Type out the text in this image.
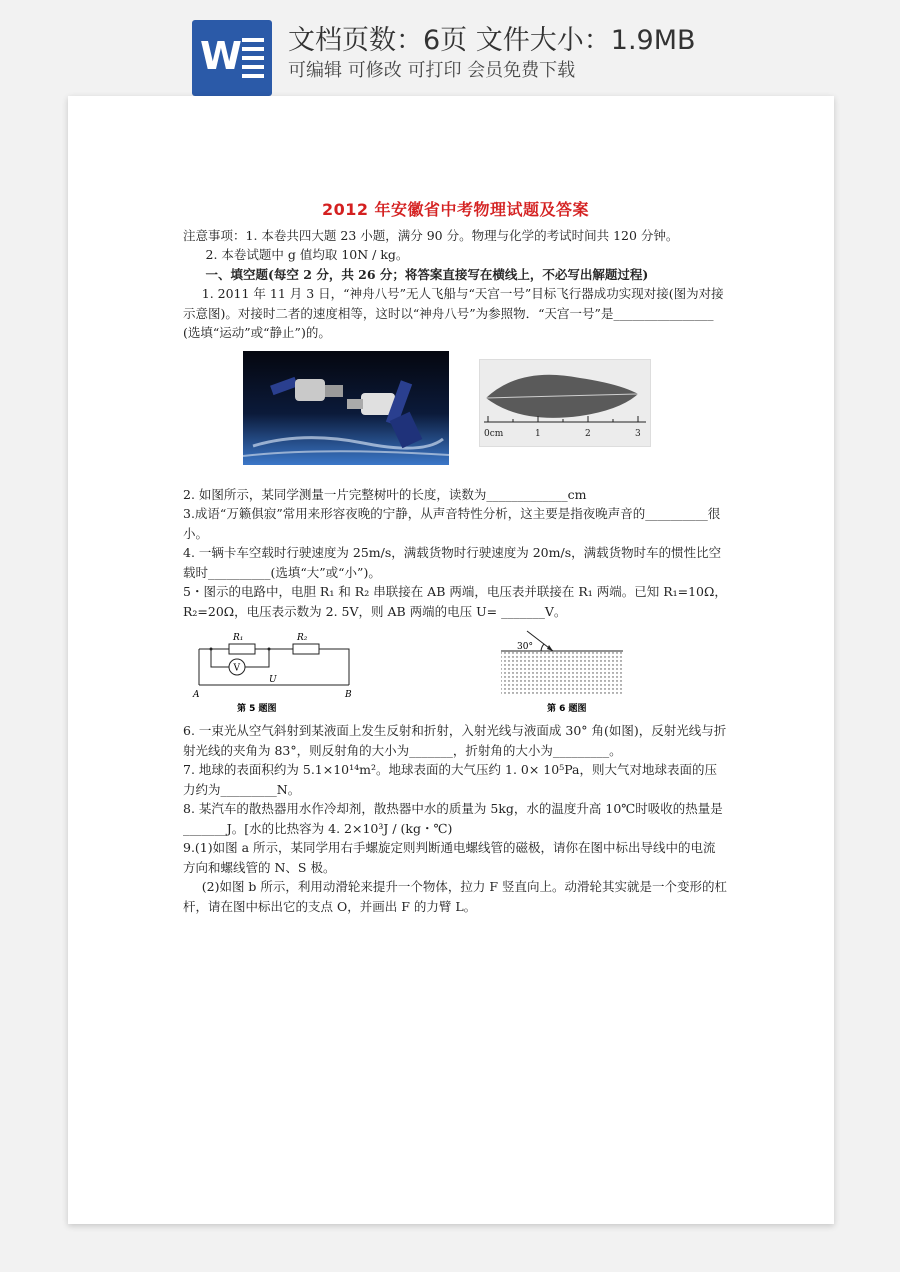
W 文档页数：6页 文件大小：1.9MB
可编辑 可修改 可打印 会员免费下载
2012 年安徽省中考物理试题及答案

注意事项：1. 本卷共四大题 23 小题，满分 90 分。物理与化学的考试时间共 120 分钟。

2. 本卷试题中 g 值均取 10N / kg。

一、填空题(每空 2 分，共 26 分；将答案直接写在横线上，不必写出解题过程)

1. 2011 年 11 月 3 日，“神舟八号”无人飞船与“天宫一号”目标飞行器成功实现对接(图为对接示意图)。对接时二者的速度相等，这时以“神舟八号”为参照物．“天宫一号”是________________ (选填“运动”或“静止”)的。

0cm	1	2	3

2. 如图所示，某同学测量一片完整树叶的长度，读数为_____________cm

3.成语“万籁俱寂”常用来形容夜晚的宁静，从声音特性分析，这主要是指夜晚声音的__________很小。

4. 一辆卡车空载时行驶速度为 25m/s，满载货物时行驶速度为 20m/s，满载货物时车的惯性比空载时__________(选填“大”或“小”)。

5・图示的电路中，电胆 R₁ 和 R₂ 串联接在 AB 两端，电压表并联接在 R₁ 两端。已知 R₁=10Ω，R₂=20Ω，电压表示数为 2. 5V，则 AB 两端的电压 U= _______V。

R₁	R₂
V
U
A	B
第 5 题图
30°
第 6 题图

6. 一束光从空气斜射到某液面上发生反射和折射，入射光线与液面成 30° 角(如图)，反射光线与折射光线的夹角为 83°，则反射角的大小为_______，折射角的大小为_________。

7. 地球的表面积约为 5.1×10¹⁴m²。地球表面的大气压约 1. 0× 10⁵Pa，则大气对地球表面的压力约为_________N。

8. 某汽车的散热器用水作冷却剂，散热器中水的质量为 5kg，水的温度升高 10℃时吸收的热量是_______J。[水的比热容为 4. 2×10³J / (kg・℃)

9.(1)如图 a 所示，某同学用右手螺旋定则判断通电螺线管的磁极，请你在图中标出导线中的电流方向和螺线管的 N、S 极。

(2)如图 b 所示，利用动滑轮来提升一个物体，拉力 F 竖直向上。动滑轮其实就是一个变形的杠杆，请在图中标出它的支点 O，并画出 F 的力臂 L。
